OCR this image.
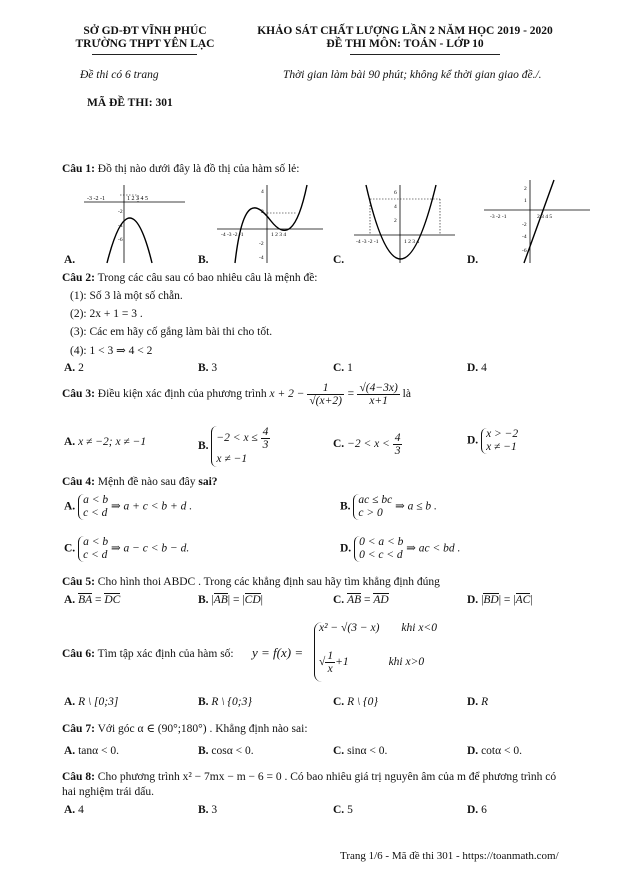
SỞ GD-ĐT VĨNH PHÚC
TRƯỜNG THPT YÊN LẠC
KHẢO SÁT CHẤT LƯỢNG LẦN 2 NĂM HỌC 2019 - 2020
ĐỀ THI MÔN: TOÁN - LỚP 10
Đề thi có 6 trang	Thời gian làm bài 90 phút; không kể thời gian giao đề./.
MÃ ĐỀ THI: 301
Câu 1: Đồ thị nào dưới đây là đồ thị của hàm số lẻ:
-3 -2 -1	1 2 3 4 5
-2
-4
-6
A.
4
2
-4 -3 -2 -1	1 2 3 4
-2
-4
B.
6
4
2
-4 -3 -2 -1	1 2 3 4
C.
2
1
-3 -2 -1	2 3 4 5
-2
-4
-6
D.
Câu 2: Trong các câu sau có bao nhiêu câu là mệnh đề:
(1): Số 3 là một số chẵn.
(2): 2x + 1 = 3 .
(3): Các em hãy cố gắng làm bài thi cho tốt.
(4): 1 < 3 ⇒ 4 < 2
A. 2	B. 3	C. 1	D. 4
Câu 3: Điều kiện xác định của phương trình $x + 2 - \frac{1}{√(x+2)} = \frac{√(4-3x)}{x+1}$ là
A. x ≠ −2; x ≠ −1	B. $-2 < x \le \frac{4}{3}$

x ≠ −1
C. $-2 < x < \frac{4}{3}$	D. x > −2
x ≠ −1
Câu 4: Mệnh đề nào sau đây sai?
A. a < b
c < d ⇒ a + c < b + d .	B. ac ≤ bc
c > 0 ⇒ a ≤ b .
C. a < b
c < d ⇒ a − c < b − d.	D. 0 < a < b
0 < c < d ⇒ ac < bd .
Câu 5: Cho hình thoi ABDC . Trong các khẳng định sau hãy tìm khẳng định đúng
A. BA = DC	B. |AB| = |CD|	C. AB = AD	D. |BD| = |AC|
Câu 6: Tìm tập xác định của hàm số: y = f(x) =
x² − √(3 − x) khi x<0
√ $\frac{1}{x} +1$	khi x>0
A. R \ [0;3]	B. R \ {0;3}	C. R \ {0}	D. R
Câu 7: Với góc α ∈ (90°;180°) . Khẳng định nào sai:
A. tanα < 0.	B. cosα < 0.	C. sinα < 0.	D. cotα < 0.
Câu 8: Cho phương trình x² − 7mx − m − 6 = 0 . Có bao nhiêu giá trị nguyên âm của m để phương trình có
hai nghiệm trái dấu.
A. 4	B. 3	C. 5	D. 6
Trang 1/6 - Mã đề thi 301 - https://toanmath.com/
